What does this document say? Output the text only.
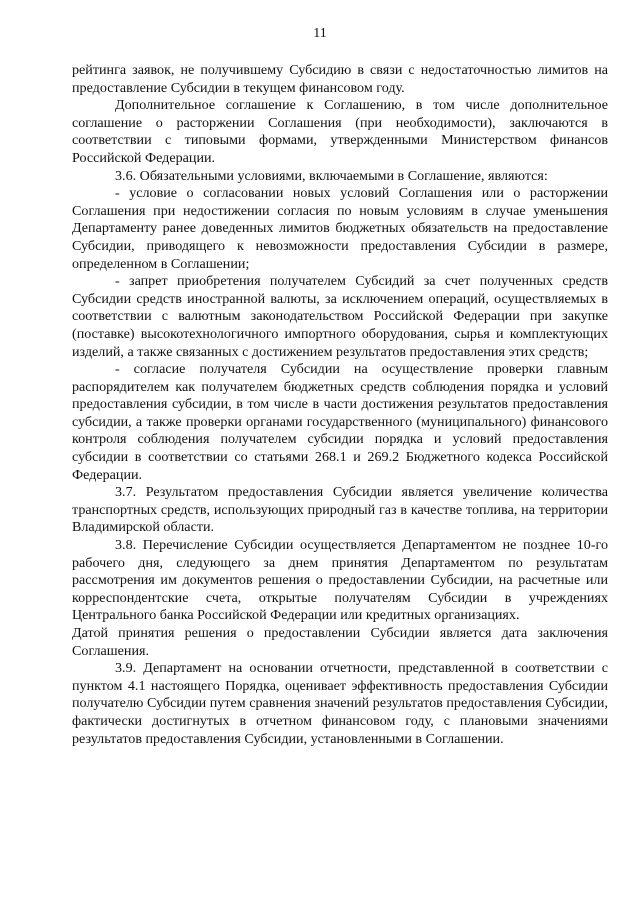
11

рейтинга заявок, не получившему Субсидию в связи с недостаточностью лимитов на предоставление Субсидии в текущем финансовом году.

Дополнительное соглашение к Соглашению, в том числе дополнительное соглашение о расторжении Соглашения (при необходимости), заключаются в соответствии с типовыми формами, утвержденными Министерством финансов Российской Федерации.

3.6. Обязательными условиями, включаемыми в Соглашение, являются:

- условие о согласовании новых условий Соглашения или о расторжении Соглашения при недостижении согласия по новым условиям в случае уменьшения Департаменту ранее доведенных лимитов бюджетных обязательств на предоставление Субсидии, приводящего к невозможности предоставления Субсидии в размере, определенном в Соглашении;

- запрет приобретения получателем Субсидий за счет полученных средств Субсидии средств иностранной валюты, за исключением операций, осуществляемых в соответствии с валютным законодательством Российской Федерации при закупке (поставке) высокотехнологичного импортного оборудования, сырья и комплектующих изделий, а также связанных с достижением результатов предоставления этих средств;

- согласие получателя Субсидии на осуществление проверки главным распорядителем как получателем бюджетных средств соблюдения порядка и условий предоставления субсидии, в том числе в части достижения результатов предоставления субсидии, а также проверки органами государственного (муниципального) финансового контроля соблюдения получателем субсидии порядка и условий предоставления субсидии в соответствии со статьями 268.1 и 269.2 Бюджетного кодекса Российской Федерации.

3.7. Результатом предоставления Субсидии является увеличение количества транспортных средств, использующих природный газ в качестве топлива, на территории Владимирской области.

3.8. Перечисление Субсидии осуществляется Департаментом не позднее 10-го рабочего дня, следующего за днем принятия Департаментом по результатам рассмотрения им документов решения о предоставлении Субсидии, на расчетные или корреспондентские счета, открытые получателям Субсидии в учреждениях Центрального банка Российской Федерации или кредитных организациях.

Датой принятия решения о предоставлении Субсидии является дата заключения Соглашения.

3.9. Департамент на основании отчетности, представленной в соответствии с пунктом 4.1 настоящего Порядка, оценивает эффективность предоставления Субсидии получателю Субсидии путем сравнения значений результатов предоставления Субсидии, фактически достигнутых в отчетном финансовом году, с плановыми значениями результатов предоставления Субсидии, установленными в Соглашении.
